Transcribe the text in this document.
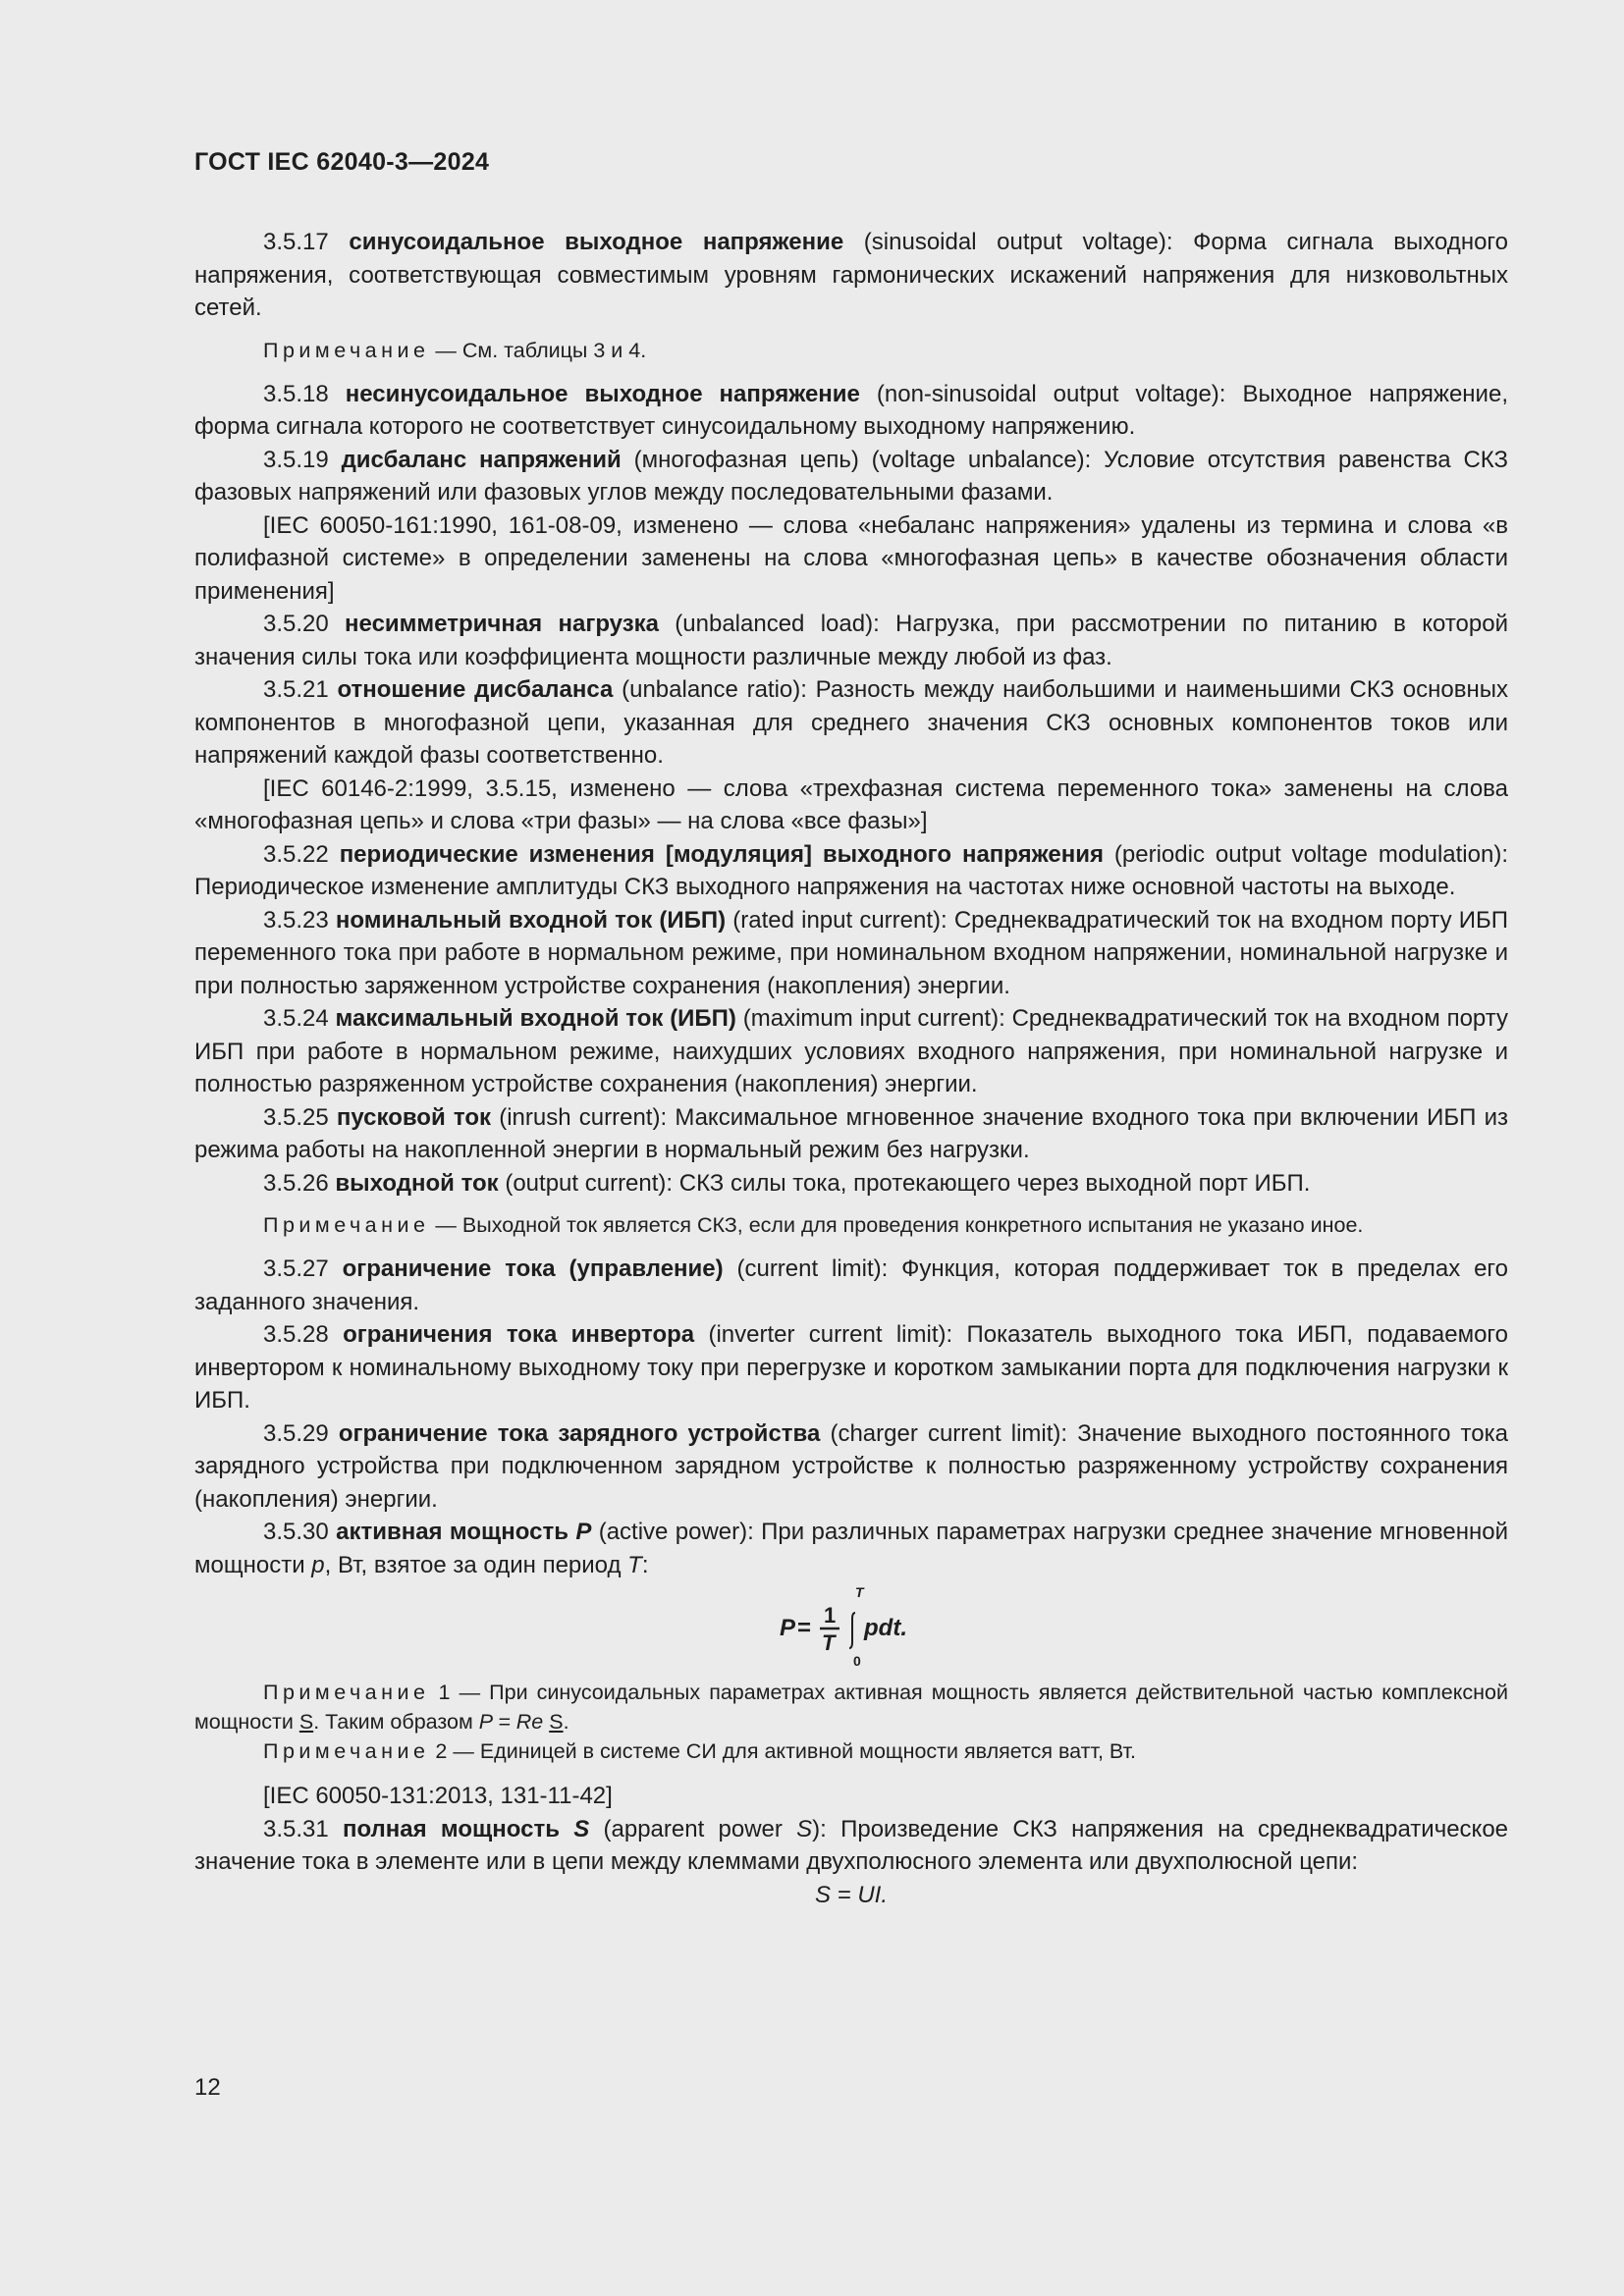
ГОСТ IEC 62040-3—2024

3.5.17 синусоидальное выходное напряжение (sinusoidal output voltage): Форма сигнала выходного напряжения, соответствующая совместимым уровням гармонических искажений напряжения для низковольтных сетей.

Примечание — См. таблицы 3 и 4.

3.5.18 несинусоидальное выходное напряжение (non-sinusoidal output voltage): Выходное напряжение, форма сигнала которого не соответствует синусоидальному выходному напряжению.

3.5.19 дисбаланс напряжений (многофазная цепь) (voltage unbalance): Условие отсутствия равенства СКЗ фазовых напряжений или фазовых углов между последовательными фазами.

[IEC 60050-161:1990, 161-08-09, изменено — слова «небаланс напряжения» удалены из термина и слова «в полифазной системе» в определении заменены на слова «многофазная цепь» в качестве обозначения области применения]

3.5.20 несимметричная нагрузка (unbalanced load): Нагрузка, при рассмотрении по питанию в которой значения силы тока или коэффициента мощности различные между любой из фаз.

3.5.21 отношение дисбаланса (unbalance ratio): Разность между наибольшими и наименьшими СКЗ основных компонентов в многофазной цепи, указанная для среднего значения СКЗ основных компонентов токов или напряжений каждой фазы соответственно.

[IEC 60146-2:1999, 3.5.15, изменено — слова «трехфазная система переменного тока» заменены на слова «многофазная цепь» и слова «три фазы» — на слова «все фазы»]

3.5.22 периодические изменения [модуляция] выходного напряжения (periodic output voltage modulation): Периодическое изменение амплитуды СКЗ выходного напряжения на частотах ниже основной частоты на выходе.

3.5.23 номинальный входной ток (ИБП) (rated input current): Среднеквадратический ток на входном порту ИБП переменного тока при работе в нормальном режиме, при номинальном входном напряжении, номинальной нагрузке и при полностью заряженном устройстве сохранения (накопления) энергии.

3.5.24 максимальный входной ток (ИБП) (maximum input current): Среднеквадратический ток на входном порту ИБП при работе в нормальном режиме, наихудших условиях входного напряжения, при номинальной нагрузке и полностью разряженном устройстве сохранения (накопления) энергии.

3.5.25 пусковой ток (inrush current): Максимальное мгновенное значение входного тока при включении ИБП из режима работы на накопленной энергии в нормальный режим без нагрузки.

3.5.26 выходной ток (output current): СКЗ силы тока, протекающего через выходной порт ИБП.

Примечание — Выходной ток является СКЗ, если для проведения конкретного испытания не указано иное.

3.5.27 ограничение тока (управление) (current limit): Функция, которая поддерживает ток в пределах его заданного значения.

3.5.28 ограничения тока инвертора (inverter current limit): Показатель выходного тока ИБП, подаваемого инвертором к номинальному выходному току при перегрузке и коротком замыкании порта для подключения нагрузки к ИБП.

3.5.29 ограничение тока зарядного устройства (charger current limit): Значение выходного постоянного тока зарядного устройства при подключенном зарядном устройстве к полностью разряженному устройству сохранения (накопления) энергии.

3.5.30 активная мощность P (active power): При различных параметрах нагрузки среднее значение мгновенной мощности p, Вт, взятое за один период T:

P = 1
T
T
0
pdt.

Примечание 1 — При синусоидальных параметрах активная мощность является действительной частью комплексной мощности S. Таким образом P = Re S.

Примечание 2 — Единицей в системе СИ для активной мощности является ватт, Вт.

[IEC 60050-131:2013, 131-11-42]

3.5.31 полная мощность S (apparent power S): Произведение СКЗ напряжения на среднеквадратическое значение тока в элементе или в цепи между клеммами двухполюсного элемента или двухполюсной цепи:

S = UI.

12
